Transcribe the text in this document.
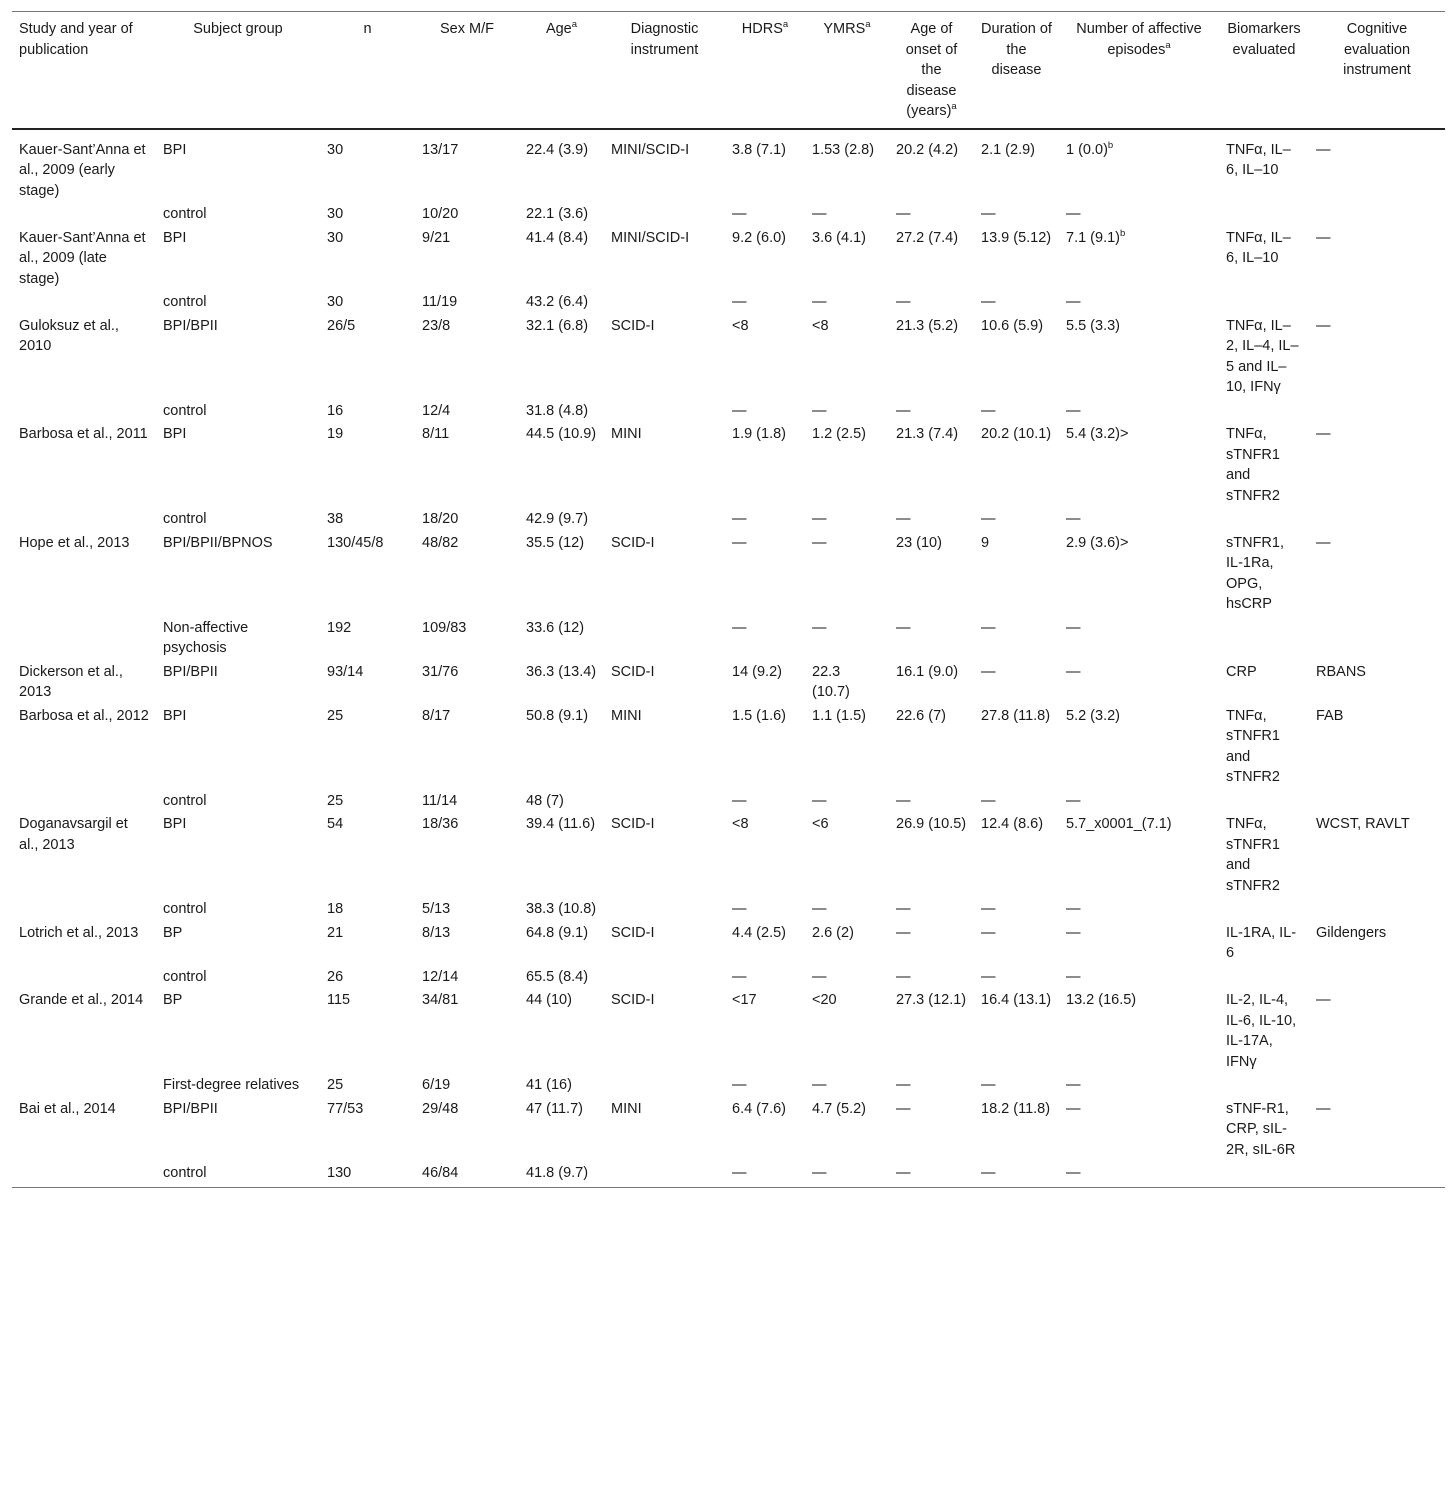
Study and year of publication	Subject group	n	Sex M/F	Age$^a$	Diagnostic instrument	HDRS$^a$	YMRS$^a$	Age of onset of the disease (years)$^a$	Duration of the disease	Number of affective episodes$^a$	Biomarkers evaluated	Cognitive evaluation instrument
Kauer-Sant’Anna et al., 2009 (early stage)	BPI	30	13/17	22.4 (3.9)	MINI/SCID-I	3.8 (7.1)	1.53 (2.8)	20.2 (4.2)	2.1 (2.9)	1 $(0.0)^b$	TNFα, IL–6, IL–10	—
	control	30	10/20	22.1 (3.6)		—	—	—	—	—		
Kauer-Sant’Anna et al., 2009 (late stage)	BPI	30	9/21	41.4 (8.4)	MINI/SCID-I	9.2 (6.0)	3.6 (4.1)	27.2 (7.4)	13.9 (5.12)	7.1 $(9.1)^b$	TNFα, IL–6, IL–10	—
	control	30	11/19	43.2 (6.4)		—	—	—	—	—		
Guloksuz et al., 2010	BPI/BPII	26/5	23/8	32.1 (6.8)	SCID-I	<8	<8	21.3 (5.2)	10.6 (5.9)	5.5 (3.3)	TNFα, IL–2, IL–4, IL–5 and IL–10, IFNγ	—
	control	16	12/4	31.8 (4.8)		—	—	—	—	—		
Barbosa et al., 2011	BPI	19	8/11	44.5 (10.9)	MINI	1.9 (1.8)	1.2 (2.5)	21.3 (7.4)	20.2 (10.1)	5.4 (3.2)>	TNFα, sTNFR1 and sTNFR2	—
	control	38	18/20	42.9 (9.7)		—	—	—	—	—		
Hope et al., 2013	BPI/BPII/BPNOS	130/45/8	48/82	35.5 (12)	SCID-I	—	—	23 (10)	9	2.9 (3.6)>	sTNFR1, IL-1Ra, OPG, hsCRP	—
	Non-affective psychosis	192	109/83	33.6 (12)		—	—	—	—	—		
Dickerson et al., 2013	BPI/BPII	93/14	31/76	36.3 (13.4)	SCID-I	14 (9.2)	22.3 (10.7)	16.1 (9.0)	—	—	CRP	RBANS
Barbosa et al., 2012	BPI	25	8/17	50.8 (9.1)	MINI	1.5 (1.6)	1.1 (1.5)	22.6 (7)	27.8 (11.8)	5.2 (3.2)	TNFα, sTNFR1 and sTNFR2	FAB
	control	25	11/14	48 (7)		—	—	—	—	—		
Doganavsargil et al., 2013	BPI	54	18/36	39.4 (11.6)	SCID-I	<8	<6	26.9 (10.5)	12.4 (8.6)	5.7_x0001_(7.1)	TNFα, sTNFR1 and sTNFR2	WCST, RAVLT
	control	18	5/13	38.3 (10.8)		—	—	—	—	—		
Lotrich et al., 2013	BP	21	8/13	64.8 (9.1)	SCID-I	4.4 (2.5)	2.6 (2)	—	—	—	IL-1RA, IL-6	Gildengers
	control	26	12/14	65.5 (8.4)		—	—	—	—	—		
Grande et al., 2014	BP	115	34/81	44 (10)	SCID-I	<17	<20	27.3 (12.1)	16.4 (13.1)	13.2 (16.5)	IL-2, IL-4, IL-6, IL-10, IL-17A, IFNγ	—
	First-degree relatives	25	6/19	41 (16)		—	—	—	—	—		
Bai et al., 2014	BPI/BPII	77/53	29/48	47 (11.7)	MINI	6.4 (7.6)	4.7 (5.2)	—	18.2 (11.8)	—	sTNF-R1, CRP, sIL-2R, sIL-6R	—
	control	130	46/84	41.8 (9.7)		—	—	—	—	—		
